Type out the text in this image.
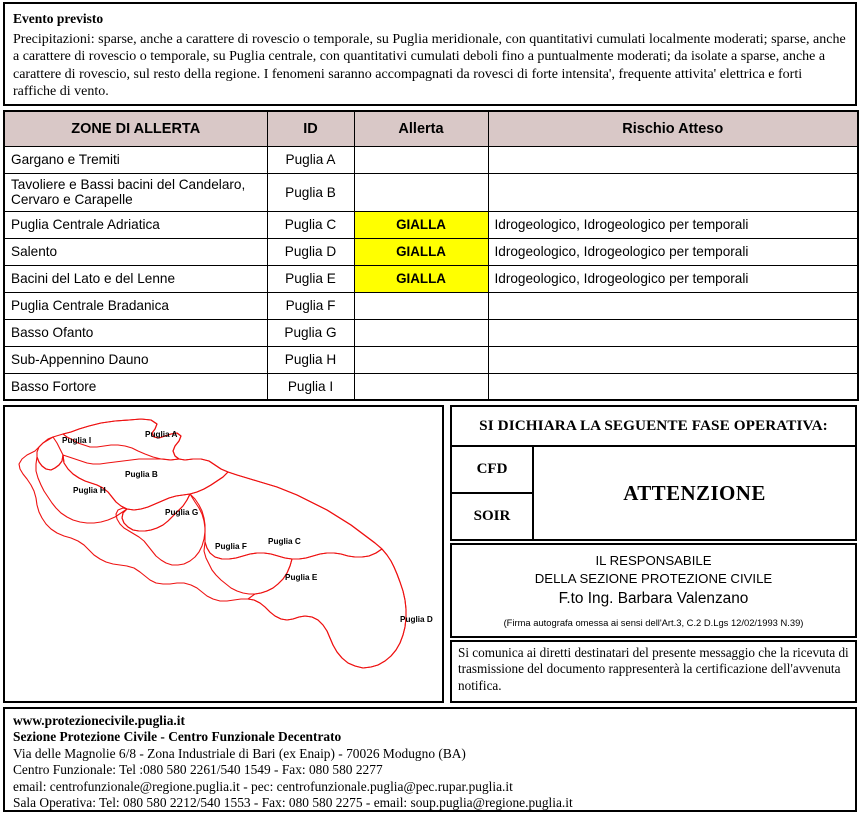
Evento previsto
Precipitazioni: sparse, anche a carattere di rovescio o temporale, su Puglia meridionale, con quantitativi cumulati localmente moderati; sparse, anche a carattere di rovescio o temporale, su Puglia centrale, con quantitativi cumulati deboli fino a puntualmente moderati; da isolate a sparse, anche a carattere di rovescio, sul resto della regione. I fenomeni saranno accompagnati da rovesci di forte intensita', frequente attivita' elettrica e forti raffiche di vento.
ZONE DI ALLERTA	ID	Allerta	Rischio Atteso
Gargano e Tremiti	Puglia A		
Tavoliere e Bassi bacini del Candelaro, Cervaro e Carapelle	Puglia B		
Puglia Centrale Adriatica	Puglia C	GIALLA	Idrogeologico, Idrogeologico per temporali
Salento	Puglia D	GIALLA	Idrogeologico, Idrogeologico per temporali
Bacini del Lato e del Lenne	Puglia E	GIALLA	Idrogeologico, Idrogeologico per temporali
Puglia Centrale Bradanica	Puglia F		
Basso Ofanto	Puglia G		
Sub-Appennino Dauno	Puglia H		
Basso Fortore	Puglia I		
Puglia I
Puglia A
Puglia B
Puglia H
Puglia G
Puglia C
Puglia F
Puglia E
Puglia D
SI DICHIARA LA SEGUENTE FASE OPERATIVA:
CFD
SOIR
ATTENZIONE
IL RESPONSABILE
DELLA SEZIONE PROTEZIONE CIVILE
F.to Ing. Barbara Valenzano
(Firma autografa omessa ai sensi dell'Art.3, C.2 D.Lgs 12/02/1993 N.39)
Si comunica ai diretti destinatari del presente messaggio che la ricevuta di trasmissione del documento rappresenterà la certificazione dell'avvenuta notifica.
www.protezionecivile.puglia.it
Sezione Protezione Civile - Centro Funzionale Decentrato
Via delle Magnolie 6/8 - Zona Industriale di Bari (ex Enaip) - 70026 Modugno (BA)
Centro Funzionale: Tel :080 580 2261/540 1549 - Fax: 080 580 2277
email: centrofunzionale@regione.puglia.it - pec: centrofunzionale.puglia@pec.rupar.puglia.it
Sala Operativa: Tel: 080 580 2212/540 1553 - Fax: 080 580 2275 - email: soup.puglia@regione.puglia.it
